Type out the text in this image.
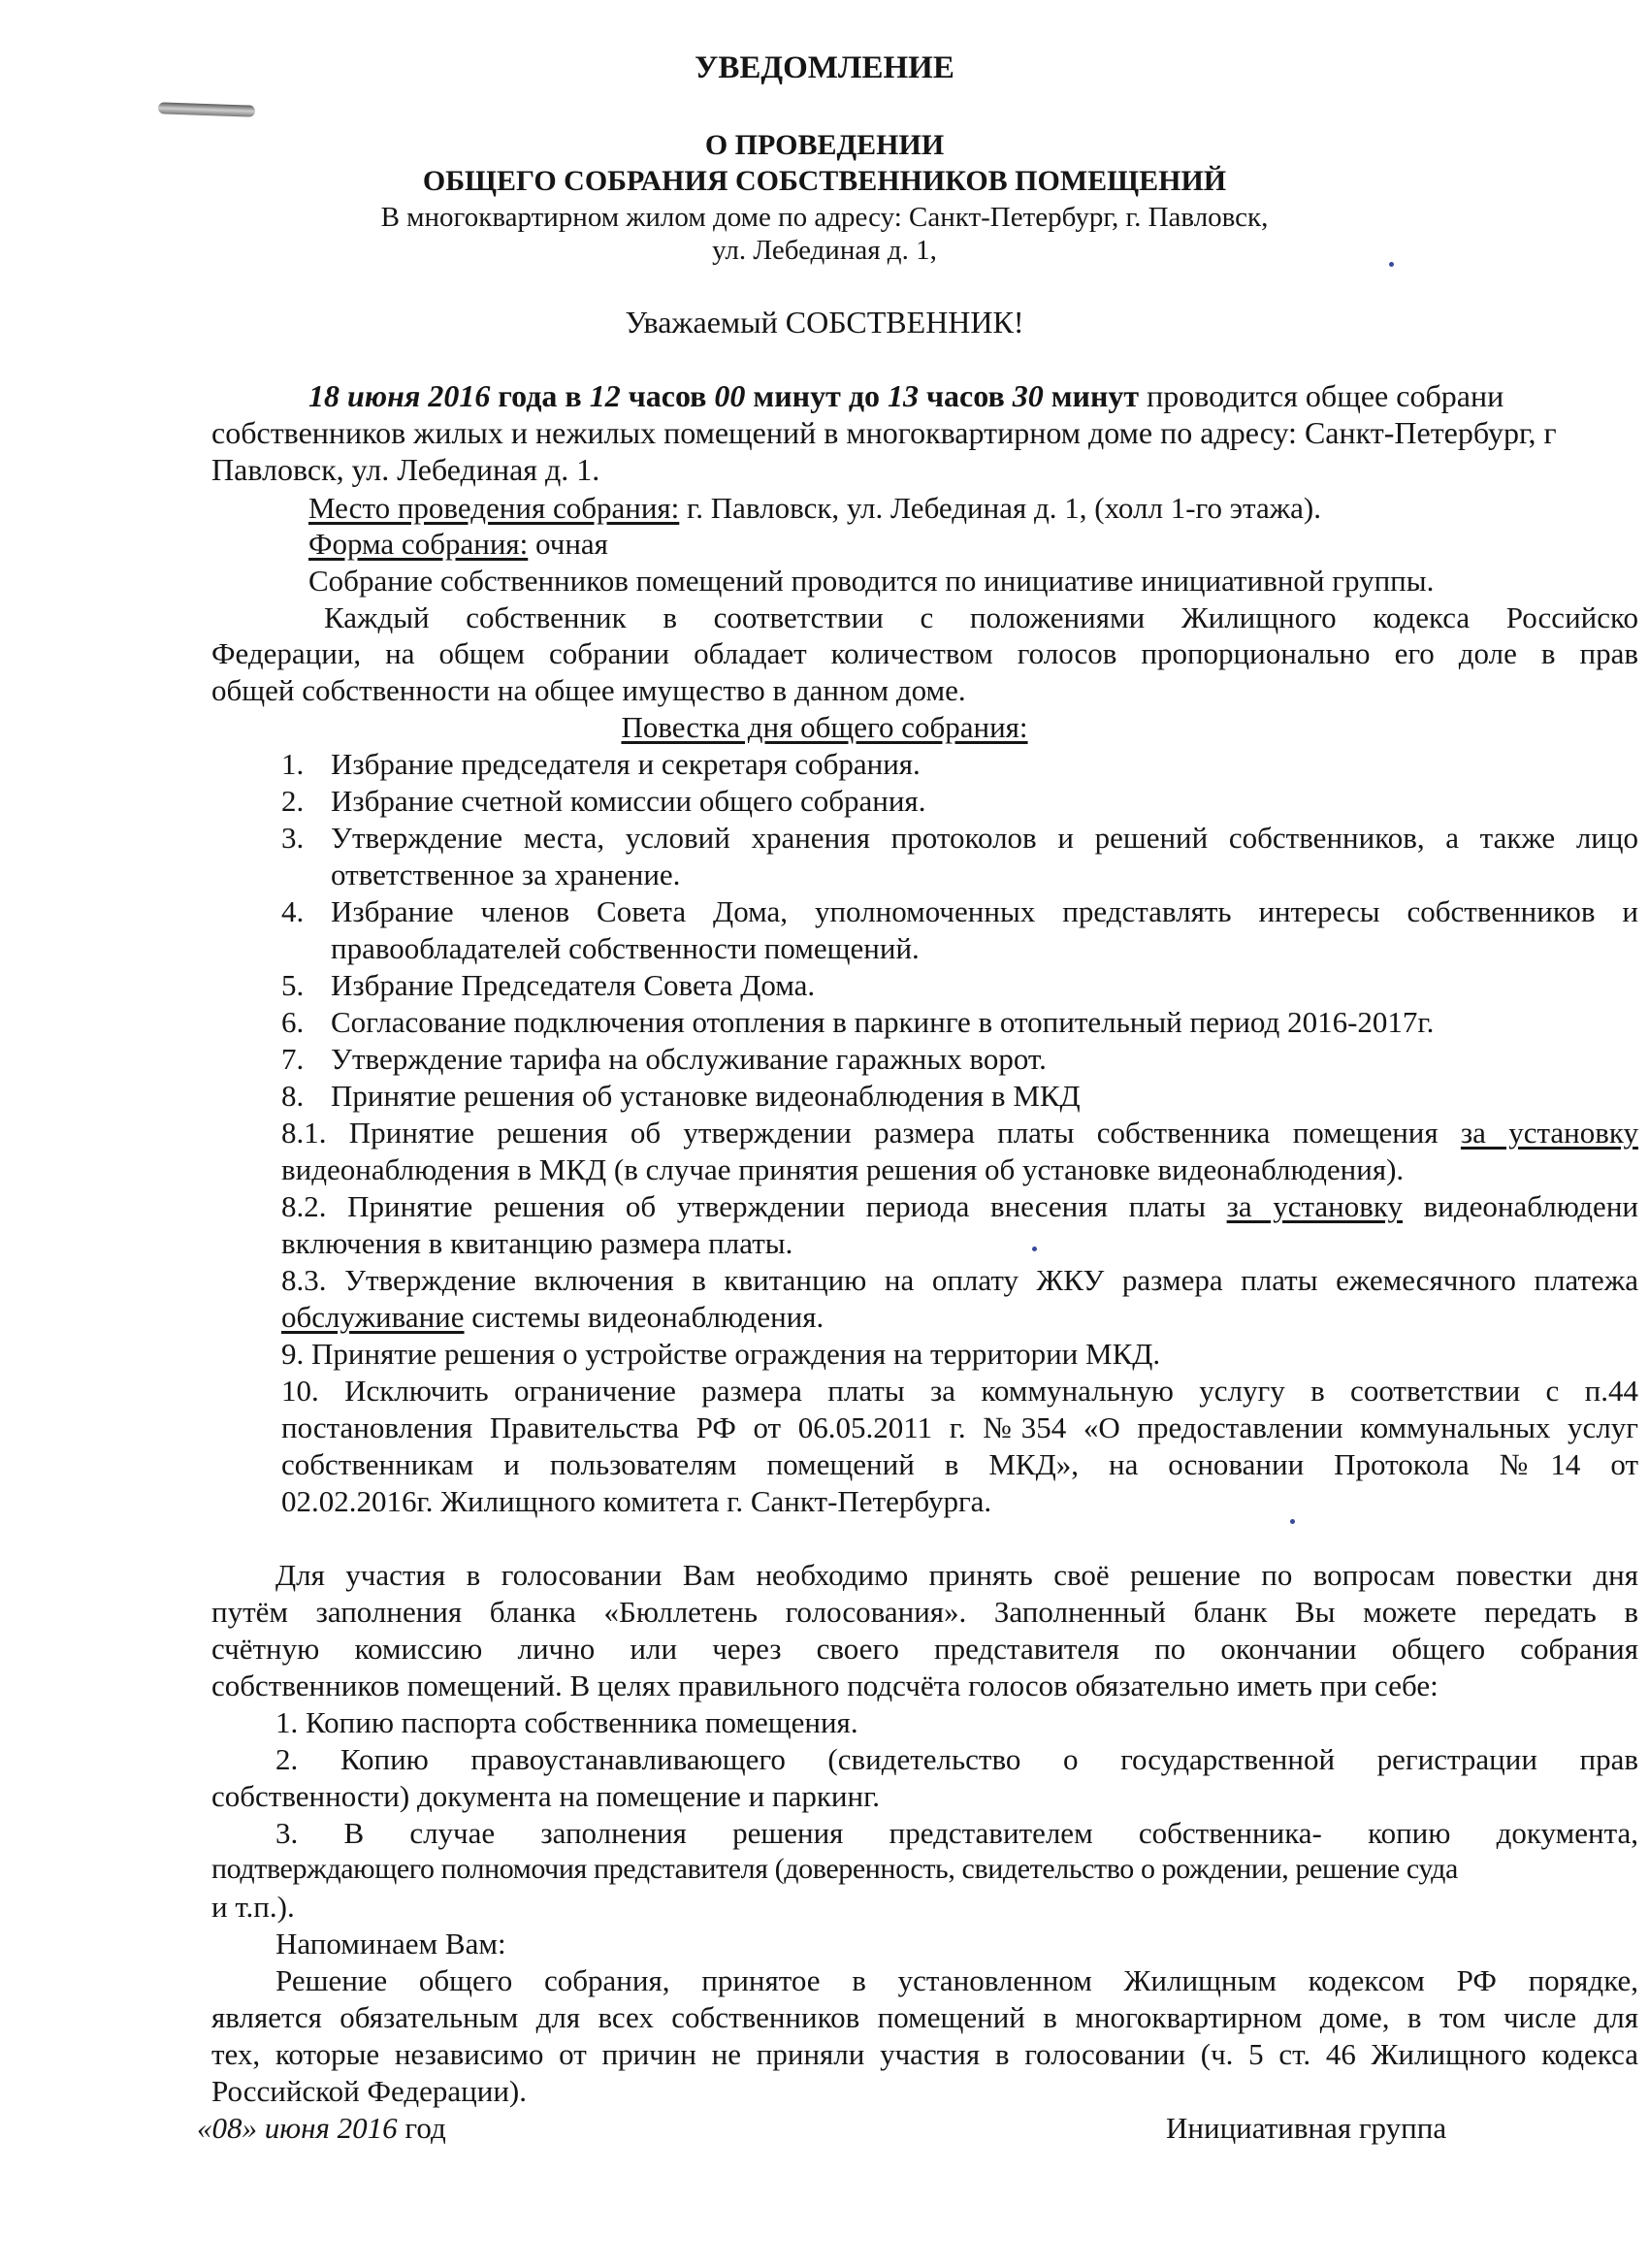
УВЕДОМЛЕНИЕ
О ПРОВЕДЕНИИ
ОБЩЕГО СОБРАНИЯ СОБСТВЕННИКОВ ПОМЕЩЕНИЙ
В многоквартирном жилом доме по адресу: Санкт-Петербург, г. Павловск,
ул. Лебединая д. 1,
Уважаемый СОБСТВЕННИК!
18 июня 2016 года в 12 часов 00 минут до 13 часов 30 минут проводится общее собрани
собственников жилых и нежилых помещений в многоквартирном доме по адресу: Санкт-Петербург, г
Павловск, ул. Лебединая д. 1.
Место проведения собрания: г. Павловск, ул. Лебединая д. 1, (холл 1-го этажа).
Форма собрания: очная
Собрание собственников помещений проводится по инициативе инициативной группы.
Каждый собственник в соответствии с положениями Жилищного кодекса Российско
Федерации, на общем собрании обладает количеством голосов пропорционально его доле в прав
общей собственности на общее имущество в данном доме.
Повестка дня общего собрания:
1. Избрание председателя и секретаря собрания.
2. Избрание счетной комиссии общего собрания.
3. Утверждение места, условий хранения протоколов и решений собственников, а также лицо
ответственное за хранение.
4. Избрание членов Совета Дома, уполномоченных представлять интересы собственников и
правообладателей собственности помещений.
5. Избрание Председателя Совета Дома.
6. Согласование подключения отопления в паркинге в отопительный период 2016-2017г.
7. Утверждение тарифа на обслуживание гаражных ворот.
8. Принятие решения об установке видеонаблюдения в МКД
8.1. Принятие решения об утверждении размера платы собственника помещения за установку
видеонаблюдения в МКД (в случае принятия решения об установке видеонаблюдения).
8.2. Принятие решения об утверждении периода внесения платы за установку видеонаблюдени
включения в квитанцию размера платы.
8.3. Утверждение включения в квитанцию на оплату ЖКУ размера платы ежемесячного платежа
обслуживание системы видеонаблюдения.
9. Принятие решения о устройстве ограждения на территории МКД.
10. Исключить ограничение размера платы за коммунальную услугу в соответствии с п.44
постановления Правительства РФ от 06.05.2011 г. №354 «О предоставлении коммунальных услуг
собственникам и пользователям помещений в МКД», на основании Протокола №14 от
02.02.2016г. Жилищного комитета г. Санкт-Петербурга.
Для участия в голосовании Вам необходимо принять своё решение по вопросам повестки дня
путём заполнения бланка «Бюллетень голосования». Заполненный бланк Вы можете передать в
счётную комиссию лично или через своего представителя по окончании общего собрания
собственников помещений. В целях правильного подсчёта голосов обязательно иметь при себе:
1. Копию паспорта собственника помещения.
2. Копию правоустанавливающего (свидетельство о государственной регистрации прав
собственности) документа на помещение и паркинг.
3. В случае заполнения решения представителем собственника- копию документа,
подтверждающего полномочия представителя (доверенность, свидетельство о рождении, решение суда
и т.п.).
Напоминаем Вам:
Решение общего собрания, принятое в установленном Жилищным кодексом РФ порядке,
является обязательным для всех собственников помещений в многоквартирном доме, в том числе для
тех, которые независимо от причин не приняли участия в голосовании (ч. 5 ст. 46 Жилищного кодекса
Российской Федерации).
«08» июня 2016 год	Инициативная группа
